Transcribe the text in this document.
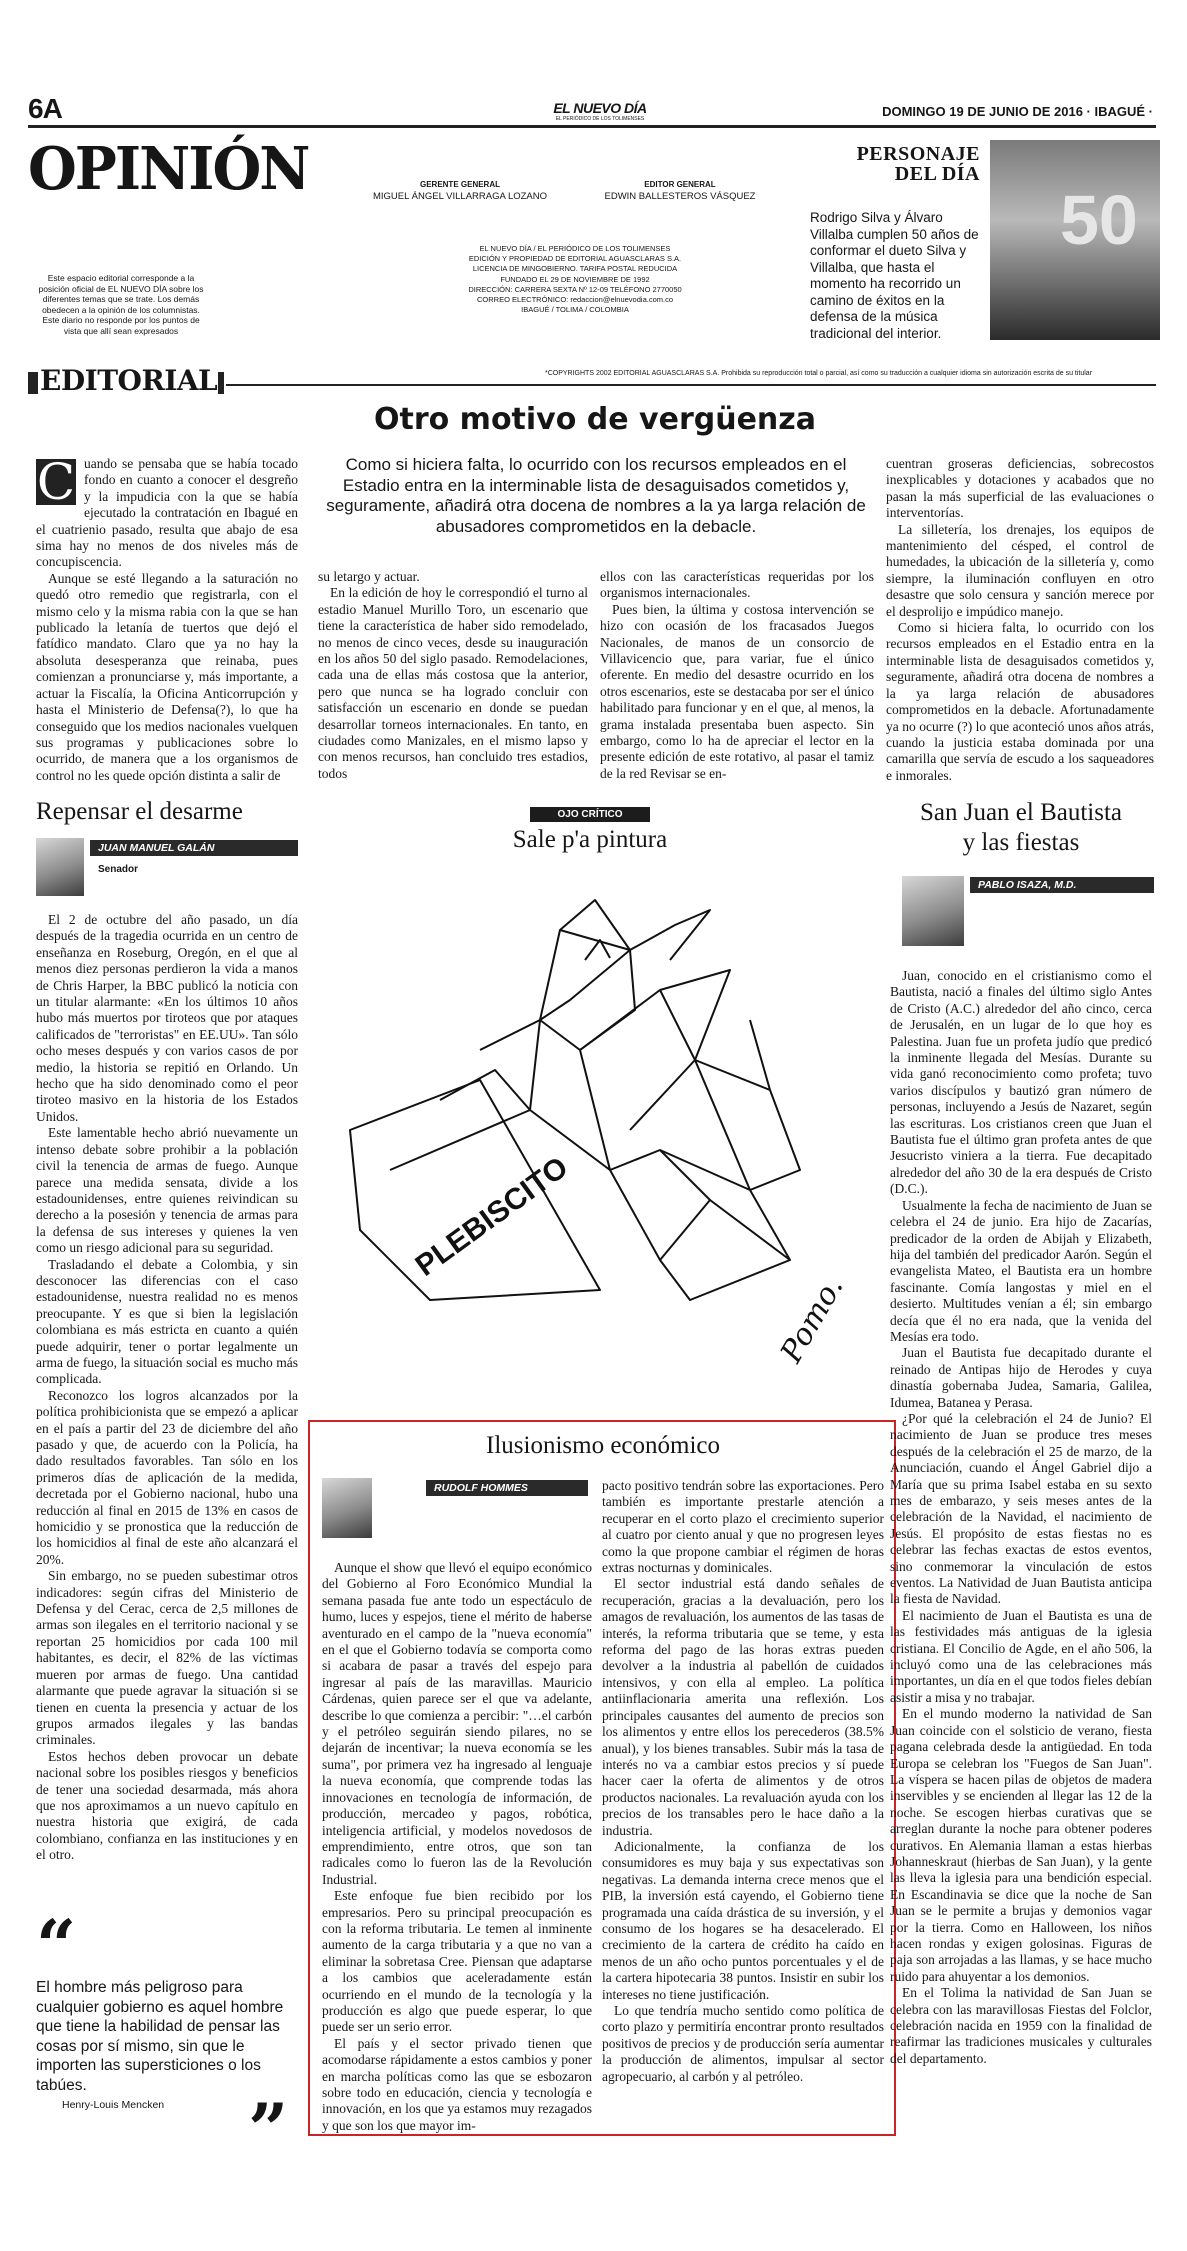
6A	EL NUEVO DÍA
EL PERIÓDICO DE LOS TOLIMENSES	DOMINGO 19 DE JUNIO DE 2016 · IBAGUÉ ·
OPINIÓN
Este espacio editorial corresponde a la posición oficial de EL NUEVO DÍA sobre los diferentes temas que se trate. Los demás obedecen a la opinión de los columnistas. Este diario no responde por los puntos de vista que allí sean expresados
GERENTE GENERAL
MIGUEL ÁNGEL VILLARRAGA LOZANO
EDITOR GENERAL
EDWIN BALLESTEROS VÁSQUEZ
EL NUEVO DÍA / EL PERIÓDICO DE LOS TOLIMENSES
EDICIÓN Y PROPIEDAD DE EDITORIAL AGUASCLARAS S.A.
LICENCIA DE MINGOBIERNO. TARIFA POSTAL REDUCIDA
FUNDADO EL 29 DE NOVIEMBRE DE 1992
DIRECCIÓN: CARRERA SEXTA Nº 12-09 TELÉFONO 2770050
CORREO ELECTRÓNICO: redaccion@elnuevodia.com.co
IBAGUÉ / TOLIMA / COLOMBIA
PERSONAJE
DEL DÍA
Rodrigo Silva y Álvaro Villalba cumplen 50 años de conformar el dueto Silva y Villalba, que hasta el momento ha recorrido un camino de éxitos en la defensa de la música tradicional del interior.
50
EDITORIAL	*COPYRIGHTS 2002 EDITORIAL AGUASCLARAS S.A. Prohibida su reproducción total o parcial, así como su traducción a cualquier idioma sin autorización escrita de su titular
Otro motivo de vergüenza
Como si hiciera falta, lo ocurrido con los recursos empleados en el Estadio entra en la interminable lista de desaguisados cometidos y, seguramente, añadirá otra docena de nombres a la ya larga relación de abusadores comprometidos en la debacle.
C uando se pensaba que se había tocado fondo en cuanto a conocer el desgreño y la impudicia con la que se había ejecutado la contratación en Ibagué en el cuatrienio pasado, resulta que abajo de esa sima hay no menos de dos niveles más de concupiscencia.

Aunque se esté llegando a la saturación no quedó otro remedio que registrarla, con el mismo celo y la misma rabia con la que se han publicado la letanía de tuertos que dejó el fatídico mandato. Claro que ya no hay la absoluta desesperanza que reinaba, pues comienzan a pronunciarse y, más importante, a actuar la Fiscalía, la Oficina Anticorrupción y hasta el Ministerio de Defensa(?), lo que ha conseguido que los medios nacionales vuelquen sus programas y publicaciones sobre lo ocurrido, de manera que a los organismos de control no les quede opción distinta a salir de

su letargo y actuar.

En la edición de hoy le correspondió el turno al estadio Manuel Murillo Toro, un escenario que tiene la característica de haber sido remodelado, no menos de cinco veces, desde su inauguración en los años 50 del siglo pasado. Remodelaciones, cada una de ellas más costosa que la anterior, pero que nunca se ha logrado concluir con satisfacción un escenario en donde se puedan desarrollar torneos internacionales. En tanto, en ciudades como Manizales, en el mismo lapso y con menos recursos, han concluido tres estadios, todos

ellos con las características requeridas por los organismos internacionales.

Pues bien, la última y costosa intervención se hizo con ocasión de los fracasados Juegos Nacionales, de manos de un consorcio de Villavicencio que, para variar, fue el único oferente. En medio del desastre ocurrido en los otros escenarios, este se destacaba por ser el único habilitado para funcionar y en el que, al menos, la grama instalada presentaba buen aspecto. Sin embargo, como lo ha de apreciar el lector en la presente edición de este rotativo, al pasar el tamiz de la red Revisar se en-

cuentran groseras deficiencias, sobrecostos inexplicables y dotaciones y acabados que no pasan la más superficial de las evaluaciones o interventorías.

La silletería, los drenajes, los equipos de mantenimiento del césped, el control de humedades, la ubicación de la silletería y, como siempre, la iluminación confluyen en otro desastre que solo censura y sanción merece por el desprolijo e impúdico manejo.

Como si hiciera falta, lo ocurrido con los recursos empleados en el Estadio entra en la interminable lista de desaguisados cometidos y, seguramente, añadirá otra docena de nombres a la ya larga relación de abusadores comprometidos en la debacle. Afortunadamente ya no ocurre (?) lo que aconteció unos años atrás, cuando la justicia estaba dominada por una camarilla que servía de escudo a los saqueadores e inmorales.

Repensar el desarme
JUAN MANUEL GALÁN
Senador

El 2 de octubre del año pasado, un día después de la tragedia ocurrida en un centro de enseñanza en Roseburg, Oregón, en el que al menos diez personas perdieron la vida a manos de Chris Harper, la BBC publicó la noticia con un titular alarmante: «En los últimos 10 años hubo más muertos por tiroteos que por ataques calificados de "terroristas" en EE.UU». Tan sólo ocho meses después y con varios casos de por medio, la historia se repitió en Orlando. Un hecho que ha sido denominado como el peor tiroteo masivo en la historia de los Estados Unidos.

Este lamentable hecho abrió nuevamente un intenso debate sobre prohibir a la población civil la tenencia de armas de fuego. Aunque parece una medida sensata, divide a los estadounidenses, entre quienes reivindican su derecho a la posesión y tenencia de armas para la defensa de sus intereses y quienes la ven como un riesgo adicional para su seguridad.

Trasladando el debate a Colombia, y sin desconocer las diferencias con el caso estadounidense, nuestra realidad no es menos preocupante. Y es que si bien la legislación colombiana es más estricta en cuanto a quién puede adquirir, tener o portar legalmente un arma de fuego, la situación social es mucho más complicada.

Reconozco los logros alcanzados por la política prohibicionista que se empezó a aplicar en el país a partir del 23 de diciembre del año pasado y que, de acuerdo con la Policía, ha dado resultados favorables. Tan sólo en los primeros días de aplicación de la medida, decretada por el Gobierno nacional, hubo una reducción al final en 2015 de 13% en casos de homicidio y se pronostica que la reducción de los homicidios al final de este año alcanzará el 20%.

Sin embargo, no se pueden subestimar otros indicadores: según cifras del Ministerio de Defensa y del Cerac, cerca de 2,5 millones de armas son ilegales en el territorio nacional y se reportan 25 homicidios por cada 100 mil habitantes, es decir, el 82% de las víctimas mueren por armas de fuego. Una cantidad alarmante que puede agravar la situación si se tienen en cuenta la presencia y actuar de los grupos armados ilegales y las bandas criminales.

Estos hechos deben provocar un debate nacional sobre los posibles riesgos y beneficios de tener una sociedad desarmada, más ahora que nos aproximamos a un nuevo capítulo en nuestra historia que exigirá, de cada colombiano, confianza en las instituciones y en el otro.

“
El hombre más peligroso para cualquier gobierno es aquel hombre que tiene la habilidad de pensar las cosas por sí mismo, sin que le importen las supersticiones o los tabúes.
Henry-Louis Mencken ”
OJO CRÍTICO
Sale p'a pintura
PLEBISCITO
Pomo.
Ilusionismo económico
RUDOLF HOMMES

Aunque el show que llevó el equipo económico del Gobierno al Foro Económico Mundial la semana pasada fue ante todo un espectáculo de humo, luces y espejos, tiene el mérito de haberse aventurado en el campo de la "nueva economía" en el que el Gobierno todavía se comporta como si acabara de pasar a través del espejo para ingresar al país de las maravillas. Mauricio Cárdenas, quien parece ser el que va adelante, describe lo que comienza a percibir: "…el carbón y el petróleo seguirán siendo pilares, no se dejarán de incentivar; la nueva economía se les suma", por primera vez ha ingresado al lenguaje la nueva economía, que comprende todas las innovaciones en tecnología de información, de producción, mercadeo y pagos, robótica, inteligencia artificial, y modelos novedosos de emprendimiento, entre otros, que son tan radicales como lo fueron las de la Revolución Industrial.

Este enfoque fue bien recibido por los empresarios. Pero su principal preocupación es con la reforma tributaria. Le temen al inminente aumento de la carga tributaria y a que no van a eliminar la sobretasa Cree. Piensan que adaptarse a los cambios que aceleradamente están ocurriendo en el mundo de la tecnología y la producción es algo que puede esperar, lo que puede ser un serio error.

El país y el sector privado tienen que acomodarse rápidamente a estos cambios y poner en marcha políticas como las que se esbozaron sobre todo en educación, ciencia y tecnología e innovación, en los que ya estamos muy rezagados y que son los que mayor im-

pacto positivo tendrán sobre las exportaciones. Pero también es importante prestarle atención a recuperar en el corto plazo el crecimiento superior al cuatro por ciento anual y que no progresen leyes como la que propone cambiar el régimen de horas extras nocturnas y dominicales.

El sector industrial está dando señales de recuperación, gracias a la devaluación, pero los amagos de revaluación, los aumentos de las tasas de interés, la reforma tributaria que se teme, y esta reforma del pago de las horas extras pueden devolver a la industria al pabellón de cuidados intensivos, y con ella al empleo. La política antiinflacionaria amerita una reflexión. Los principales causantes del aumento de precios son los alimentos y entre ellos los perecederos (38.5% anual), y los bienes transables. Subir más la tasa de interés no va a cambiar estos precios y sí puede hacer caer la oferta de alimentos y de otros productos nacionales. La revaluación ayuda con los precios de los transables pero le hace daño a la industria.

Adicionalmente, la confianza de los consumidores es muy baja y sus expectativas son negativas. La demanda interna crece menos que el PIB, la inversión está cayendo, el Gobierno tiene programada una caída drástica de su inversión, y el consumo de los hogares se ha desacelerado. El crecimiento de la cartera de crédito ha caído en menos de un año ocho puntos porcentuales y el de la cartera hipotecaria 38 puntos. Insistir en subir los intereses no tiene justificación.

Lo que tendría mucho sentido como política de corto plazo y permitiría encontrar pronto resultados positivos de precios y de producción sería aumentar la producción de alimentos, impulsar al sector agropecuario, al carbón y al petróleo.

San Juan el Bautista
y las fiestas
PABLO ISAZA, M.D.

Juan, conocido en el cristianismo como el Bautista, nació a finales del último siglo Antes de Cristo (A.C.) alrededor del año cinco, cerca de Jerusalén, en un lugar de lo que hoy es Palestina. Juan fue un profeta judío que predicó la inminente llegada del Mesías. Durante su vida ganó reconocimiento como profeta; tuvo varios discípulos y bautizó gran número de personas, incluyendo a Jesús de Nazaret, según las escrituras. Los cristianos creen que Juan el Bautista fue el último gran profeta antes de que Jesucristo viniera a la tierra. Fue decapitado alrededor del año 30 de la era después de Cristo (D.C.).

Usualmente la fecha de nacimiento de Juan se celebra el 24 de junio. Era hijo de Zacarías, predicador de la orden de Abijah y Elizabeth, hija del también del predicador Aarón. Según el evangelista Mateo, el Bautista era un hombre fascinante. Comía langostas y miel en el desierto. Multitudes venían a él; sin embargo decía que él no era nada, que la venida del Mesías era todo.

Juan el Bautista fue decapitado durante el reinado de Antipas hijo de Herodes y cuya dinastía gobernaba Judea, Samaria, Galilea, Idumea, Batanea y Perasa.

¿Por qué la celebración el 24 de Junio? El nacimiento de Juan se produce tres meses después de la celebración el 25 de marzo, de la Anunciación, cuando el Ángel Gabriel dijo a María que su prima Isabel estaba en su sexto mes de embarazo, y seis meses antes de la celebración de la Navidad, el nacimiento de Jesús. El propósito de estas fiestas no es celebrar las fechas exactas de estos eventos, sino conmemorar la vinculación de estos eventos. La Natividad de Juan Bautista anticipa la fiesta de Navidad.

El nacimiento de Juan el Bautista es una de las festividades más antiguas de la iglesia cristiana. El Concilio de Agde, en el año 506, la incluyó como una de las celebraciones más importantes, un día en el que todos fieles debían asistir a misa y no trabajar.

En el mundo moderno la natividad de San Juan coincide con el solsticio de verano, fiesta pagana celebrada desde la antigüedad. En toda Europa se celebran los "Fuegos de San Juan". La víspera se hacen pilas de objetos de madera inservibles y se encienden al llegar las 12 de la noche. Se escogen hierbas curativas que se arreglan durante la noche para obtener poderes curativos. En Alemania llaman a estas hierbas Johanneskraut (hierbas de San Juan), y la gente las lleva la iglesia para una bendición especial. En Escandinavia se dice que la noche de San Juan se le permite a brujas y demonios vagar por la tierra. Como en Halloween, los niños hacen rondas y exigen golosinas. Figuras de paja son arrojadas a las llamas, y se hace mucho ruido para ahuyentar a los demonios.

En el Tolima la natividad de San Juan se celebra con las maravillosas Fiestas del Folclor, celebración nacida en 1959 con la finalidad de reafirmar las tradiciones musicales y culturales del departamento.
